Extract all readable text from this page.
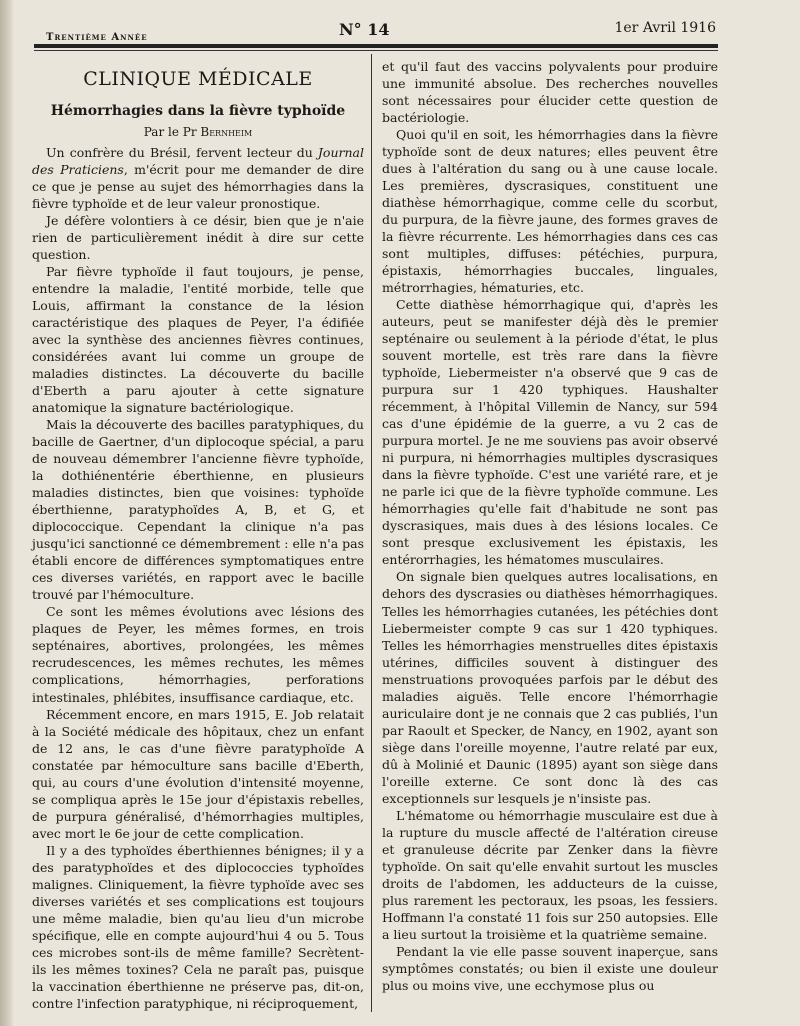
Trentième Année	N° 14	1er Avril 1916
CLINIQUE MÉDICALE
Hémorrhagies dans la fièvre typhoïde
Par le Pr Bernheim

Un confrère du Brésil, fervent lecteur du Journal des Praticiens, m'écrit pour me demander de dire ce que je pense au sujet des hémorrhagies dans la fièvre typhoïde et de leur valeur pronostique.

Je défère volontiers à ce désir, bien que je n'aie rien de particulièrement inédit à dire sur cette question.

Par fièvre typhoïde il faut toujours, je pense, entendre la maladie, l'entité morbide, telle que Louis, affirmant la constance de la lésion caractéristique des plaques de Peyer, l'a édifiée avec la synthèse des anciennes fièvres continues, considérées avant lui comme un groupe de maladies distinctes. La découverte du bacille d'Eberth a paru ajouter à cette signature anatomique la signature bactériologique.

Mais la découverte des bacilles paratyphiques, du bacille de Gaertner, d'un diplocoque spécial, a paru de nouveau démembrer l'ancienne fièvre typhoïde, la dothiénentérie éberthienne, en plusieurs maladies distinctes, bien que voisines: typhoïde éberthienne, paratyphoïdes A, B, et G, et diplococcique. Cependant la clinique n'a pas jusqu'ici sanctionné ce démembrement : elle n'a pas établi encore de différences symptomatiques entre ces diverses variétés, en rapport avec le bacille trouvé par l'hémoculture.

Ce sont les mêmes évolutions avec lésions des plaques de Peyer, les mêmes formes, en trois septénaires, abortives, prolongées, les mêmes recrudescences, les mêmes rechutes, les mêmes complications, hémorrhagies, perforations intestinales, phlébites, insuffisance cardiaque, etc.

Récemment encore, en mars 1915, E. Job relatait à la Société médicale des hôpitaux, chez un enfant de 12 ans, le cas d'une fièvre paratyphoïde A constatée par hémoculture sans bacille d'Eberth, qui, au cours d'une évolution d'intensité moyenne, se compliqua après le 15e jour d'épistaxis rebelles, de purpura généralisé, d'hémorrhagies multiples, avec mort le 6e jour de cette complication.

Il y a des typhoïdes éberthiennes bénignes; il y a des paratyphoïdes et des diplococcies typhoïdes malignes. Cliniquement, la fièvre typhoïde avec ses diverses variétés et ses complications est toujours une même maladie, bien qu'au lieu d'un microbe spécifique, elle en compte aujourd'hui 4 ou 5. Tous ces microbes sont-ils de même famille? Secrètent-ils les mêmes toxines? Cela ne paraît pas, puisque la vaccination éberthienne ne préserve pas, dit-on, contre l'infection paratyphique, ni réciproquement,

et qu'il faut des vaccins polyvalents pour produire une immunité absolue. Des recherches nouvelles sont nécessaires pour élucider cette question de bactériologie.

Quoi qu'il en soit, les hémorrhagies dans la fièvre typhoïde sont de deux natures; elles peuvent être dues à l'altération du sang ou à une cause locale. Les premières, dyscrasiques, constituent une diathèse hémorrhagique, comme celle du scorbut, du purpura, de la fièvre jaune, des formes graves de la fièvre récurrente. Les hémorrhagies dans ces cas sont multiples, diffuses: pétéchies, purpura, épistaxis, hémorrhagies buccales, linguales, métrorrhagies, hématuries, etc.

Cette diathèse hémorrhagique qui, d'après les auteurs, peut se manifester déjà dès le premier septénaire ou seulement à la période d'état, le plus souvent mortelle, est très rare dans la fièvre typhoïde, Liebermeister n'a observé que 9 cas de purpura sur 1 420 typhiques. Haushalter récemment, à l'hôpital Villemin de Nancy, sur 594 cas d'une épidémie de la guerre, a vu 2 cas de purpura mortel. Je ne me souviens pas avoir observé ni purpura, ni hémorrhagies multiples dyscrasiques dans la fièvre typhoïde. C'est une variété rare, et je ne parle ici que de la fièvre typhoïde commune. Les hémorrhagies qu'elle fait d'habitude ne sont pas dyscrasiques, mais dues à des lésions locales. Ce sont presque exclusivement les épistaxis, les entérorrhagies, les hématomes musculaires.

On signale bien quelques autres localisations, en dehors des dyscrasies ou diathèses hémorrhagiques. Telles les hémorrhagies cutanées, les pétéchies dont Liebermeister compte 9 cas sur 1 420 typhiques. Telles les hémorrhagies menstruelles dites épistaxis utérines, difficiles souvent à distinguer des menstruations provoquées parfois par le début des maladies aiguës. Telle encore l'hémorrhagie auriculaire dont je ne connais que 2 cas publiés, l'un par Raoult et Specker, de Nancy, en 1902, ayant son siège dans l'oreille moyenne, l'autre relaté par eux, dû à Molinié et Daunic (1895) ayant son siège dans l'oreille externe. Ce sont donc là des cas exceptionnels sur lesquels je n'insiste pas.

L'hématome ou hémorrhagie musculaire est due à la rupture du muscle affecté de l'altération cireuse et granuleuse décrite par Zenker dans la fièvre typhoïde. On sait qu'elle envahit surtout les muscles droits de l'abdomen, les adducteurs de la cuisse, plus rarement les pectoraux, les psoas, les fessiers. Hoffmann l'a constaté 11 fois sur 250 autopsies. Elle a lieu surtout la troisième et la quatrième semaine.

Pendant la vie elle passe souvent inaperçue, sans symptômes constatés; ou bien il existe une douleur plus ou moins vive, une ecchymose plus ou
